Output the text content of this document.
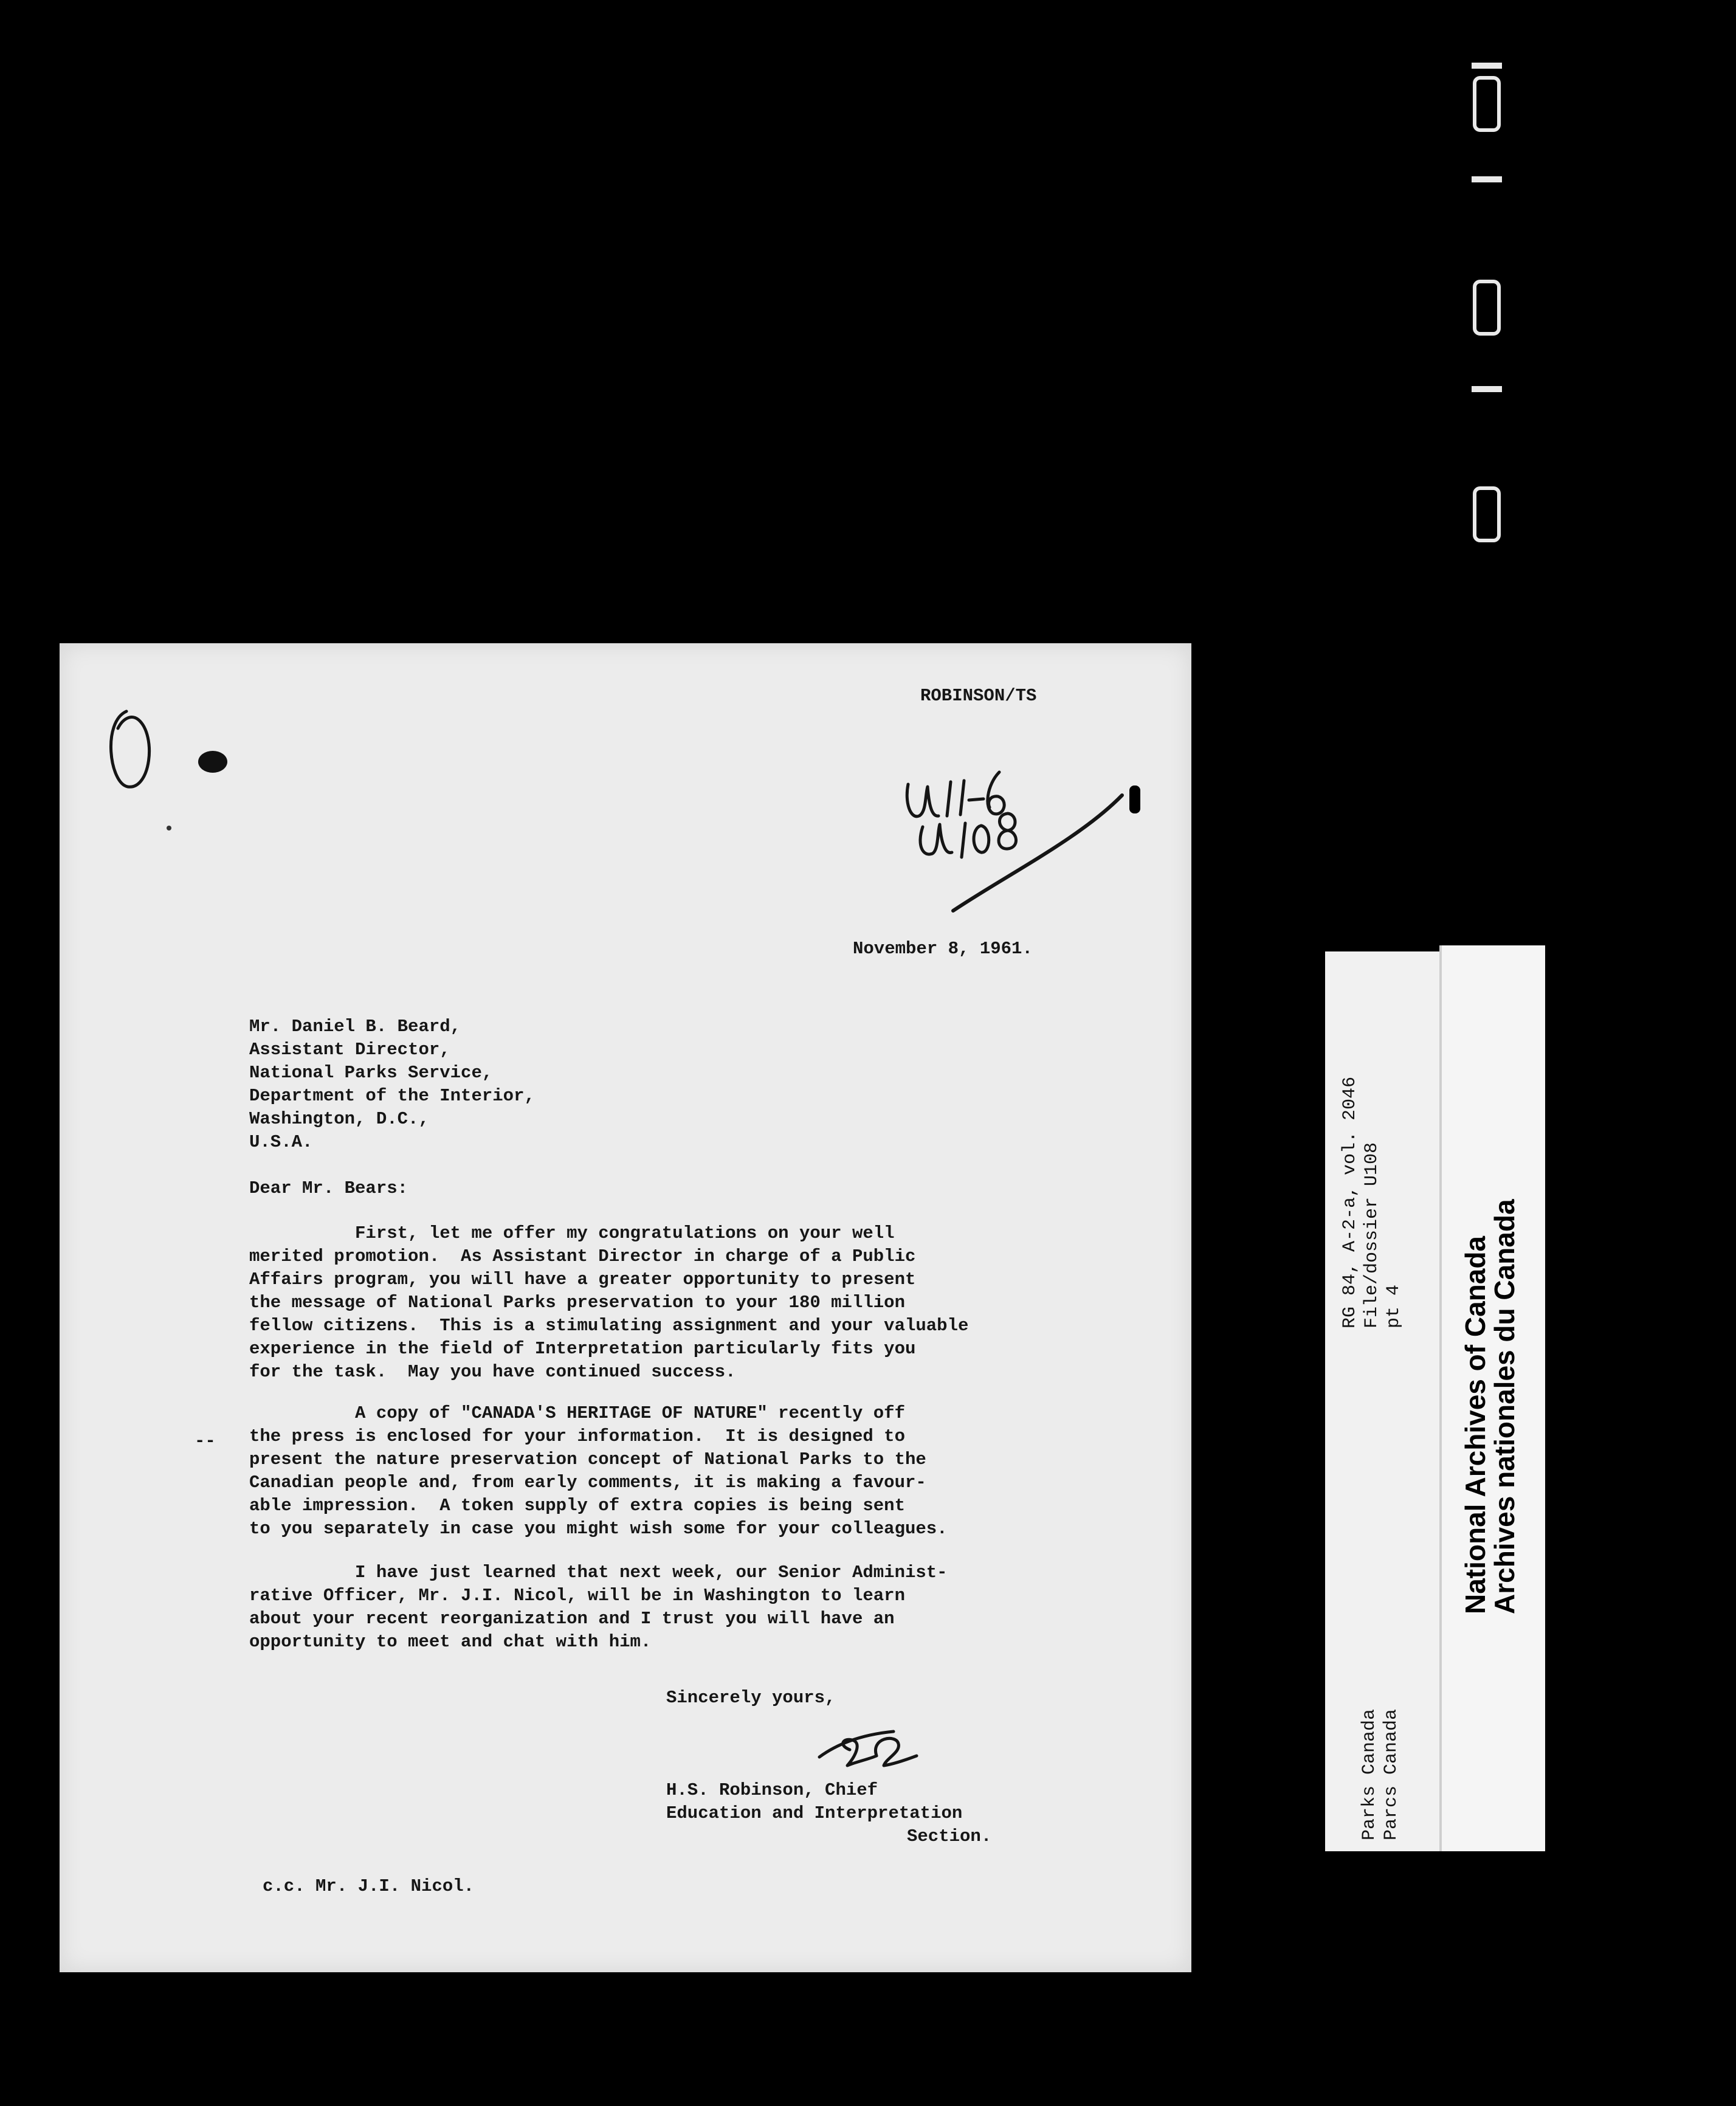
ROBINSON/TS

November 8, 1961.

Mr. Daniel B. Beard,

Assistant Director,

National Parks Service,

Department of the Interior,

Washington, D.C.,

U.S.A.

Dear Mr. Bears:

First, let me offer my congratulations on your well
merited promotion.  As Assistant Director in charge of a Public
Affairs program, you will have a greater opportunity to present
the message of National Parks preservation to your 180 million
fellow citizens.  This is a stimulating assignment and your valuable
experience in the field of Interpretation particularly fits you
for the task.  May you have continued success.

A copy of "CANADA'S HERITAGE OF NATURE" recently off
the press is enclosed for your information.  It is designed to
present the nature preservation concept of National Parks to the
Canadian people and, from early comments, it is making a favour-
able impression.  A token supply of extra copies is being sent
to you separately in case you might wish some for your colleagues.

--

I have just learned that next week, our Senior Administ-
rative Officer, Mr. J.I. Nicol, will be in Washington to learn
about your recent reorganization and I trust you will have an
opportunity to meet and chat with him.

Sincerely yours,

H.S. Robinson, Chief

Education and Interpretation

Section.

c.c. Mr. J.I. Nicol.

RG 84, A-2-a, vol. 2046 File/dossier U108 pt 4
Parks Canada Parcs Canada
National Archives of Canada
Archives nationales du Canada
